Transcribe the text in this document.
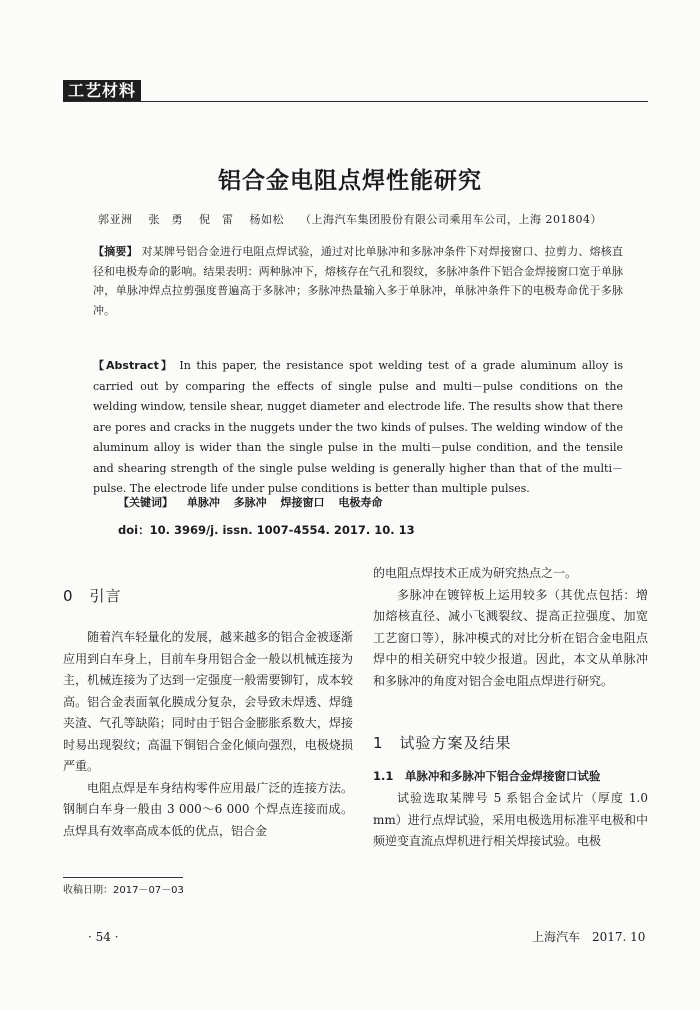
工艺材料
铝合金电阻点焊性能研究
郭亚洲 张　勇 倪　雷 杨如松 （上海汽车集团股份有限公司乘用车公司，上海 201804）
【摘要】 对某牌号铝合金进行电阻点焊试验，通过对比单脉冲和多脉冲条件下对焊接窗口、拉剪力、熔核直径和电极寿命的影响。结果表明：两种脉冲下，熔核存在气孔和裂纹，多脉冲条件下铝合金焊接窗口宽于单脉冲，单脉冲焊点拉剪强度普遍高于多脉冲；多脉冲热量输入多于单脉冲，单脉冲条件下的电极寿命优于多脉冲。
【Abstract】 In this paper, the resistance spot welding test of a grade aluminum alloy is carried out by comparing the effects of single pulse and multi－pulse conditions on the welding window, tensile shear, nugget diameter and electrode life. The results show that there are pores and cracks in the nuggets under the two kinds of pulses. The welding window of the aluminum alloy is wider than the single pulse in the multi－pulse condition, and the tensile and shearing strength of the single pulse welding is generally higher than that of the multi－pulse. The electrode life under pulse conditions is better than multiple pulses.
【关键词】 单脉冲 多脉冲 焊接窗口 电极寿命
doi：10. 3969/j. issn. 1007-4554. 2017. 10. 13
0　引言

随着汽车轻量化的发展，越来越多的铝合金被逐渐应用到白车身上，目前车身用铝合金一般以机械连接为主，机械连接为了达到一定强度一般需要铆钉，成本较高。铝合金表面氧化膜成分复杂，会导致未焊透、焊缝夹渣、气孔等缺陷；同时由于铝合金膨胀系数大，焊接时易出现裂纹；高温下铜铝合金化倾向强烈，电极烧损严重。

电阻点焊是车身结构零件应用最广泛的连接方法。钢制白车身一般由 3 000～6 000 个焊点连接而成。点焊具有效率高成本低的优点，铝合金

的电阻点焊技术正成为研究热点之一。

多脉冲在镀锌板上运用较多（其优点包括：增加熔核直径、减小飞溅裂纹、提高正拉强度、加宽工艺窗口等），脉冲模式的对比分析在铝合金电阻点焊中的相关研究中较少报道。因此，本文从单脉冲和多脉冲的角度对铝合金电阻点焊进行研究。

1　试验方案及结果
1.1　单脉冲和多脉冲下铝合金焊接窗口试验

试验选取某牌号 5 系铝合金试片（厚度 1.0 mm）进行点焊试验，采用电极选用标准平电极和中频逆变直流点焊机进行相关焊接试验。电极

收稿日期：2017－07－03
· 54 ·	上海汽车　2017. 10
